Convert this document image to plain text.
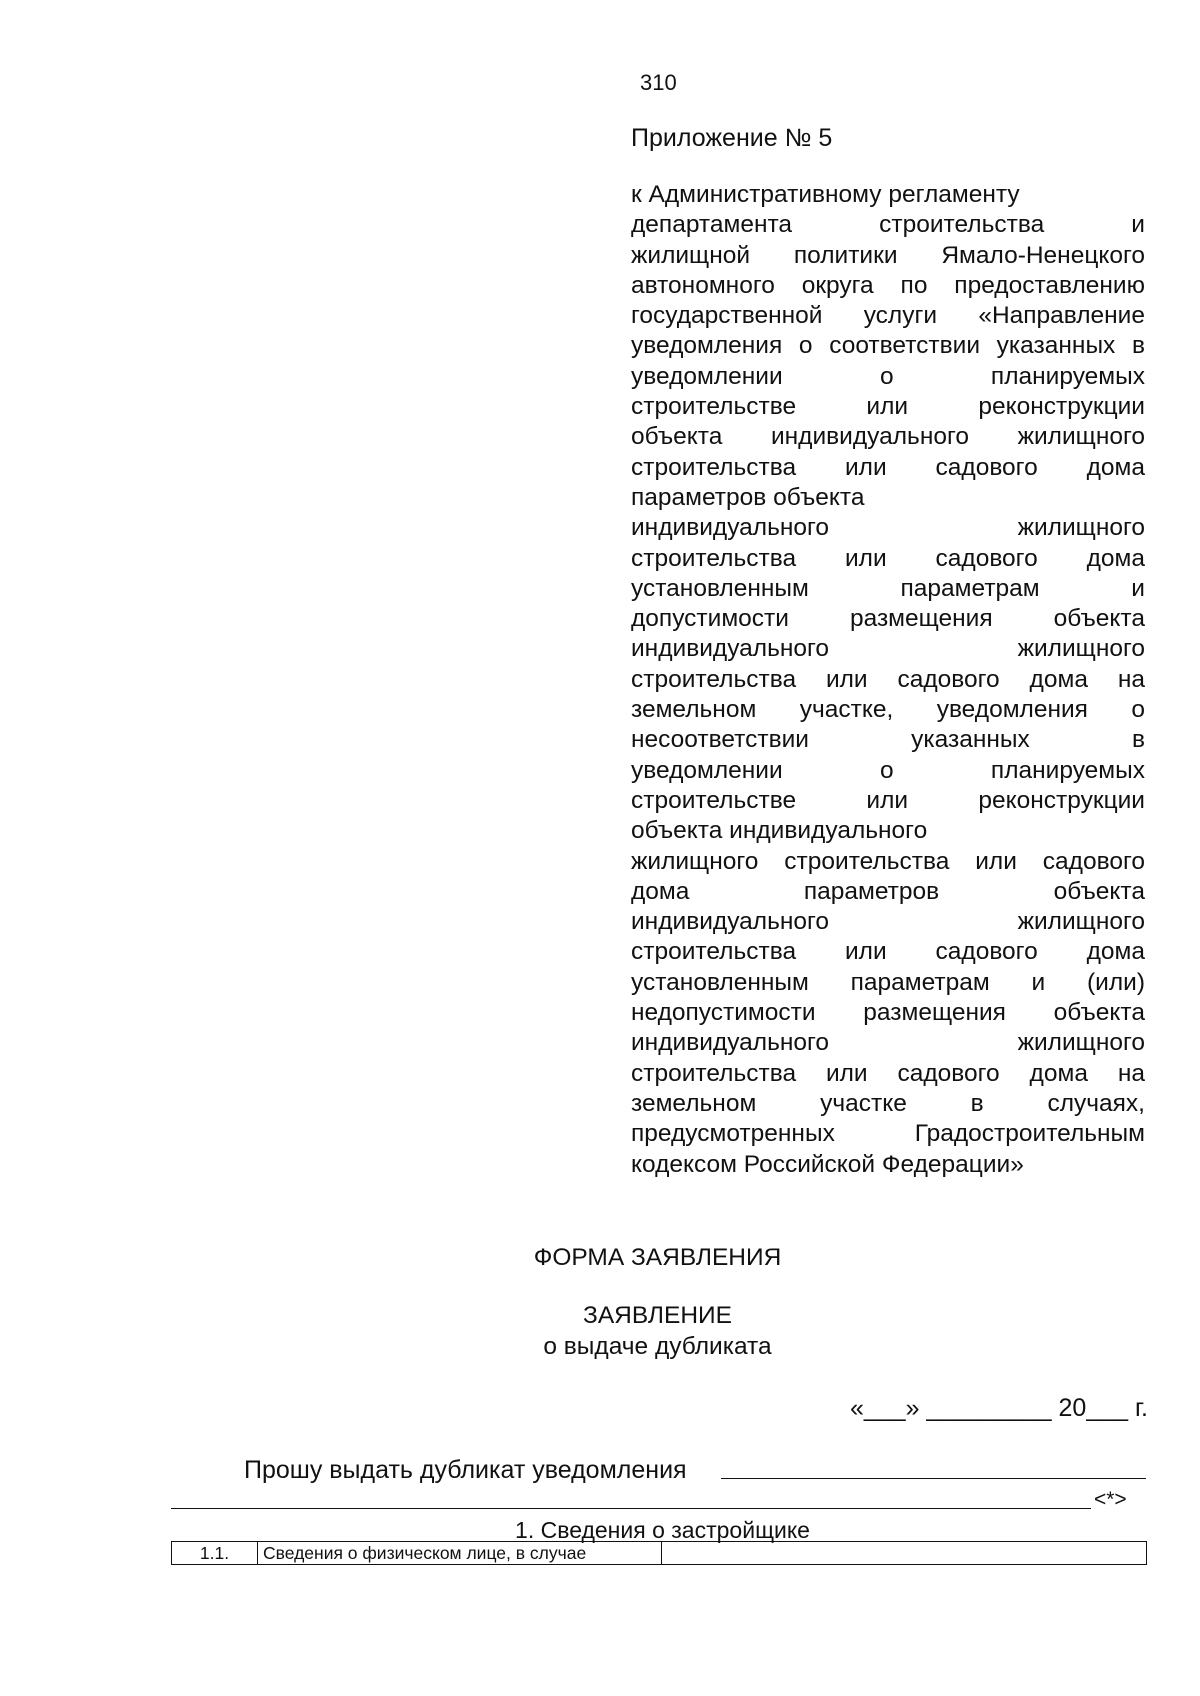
310
Приложение № 5
к Административному регламенту
департамента строительства и
жилищной политики Ямало-Ненецкого
автономного округа по предоставлению
государственной услуги «Направление
уведомления о соответствии указанных в
уведомлении о планируемых
строительстве или реконструкции
объекта индивидуального жилищного
строительства или садового дома
параметров объекта
индивидуального жилищного
строительства или садового дома
установленным параметрам и
допустимости размещения объекта
индивидуального жилищного
строительства или садового дома на
земельном участке, уведомления о
несоответствии указанных в
уведомлении о планируемых
строительстве или реконструкции
объекта индивидуального
жилищного строительства или садового
дома параметров объекта
индивидуального жилищного
строительства или садового дома
установленным параметрам и (или)
недопустимости размещения объекта
индивидуального жилищного
строительства или садового дома на
земельном участке в случаях,
предусмотренных Градостроительным
кодексом Российской Федерации»
ФОРМА ЗАЯВЛЕНИЯ
ЗАЯВЛЕНИЕ
о выдаче дубликата
«___» _________ 20___ г.
Прошу выдать дубликат уведомления
<*>
1. Сведения о застройщике
1.1.	Сведения о физическом лице, в случае
